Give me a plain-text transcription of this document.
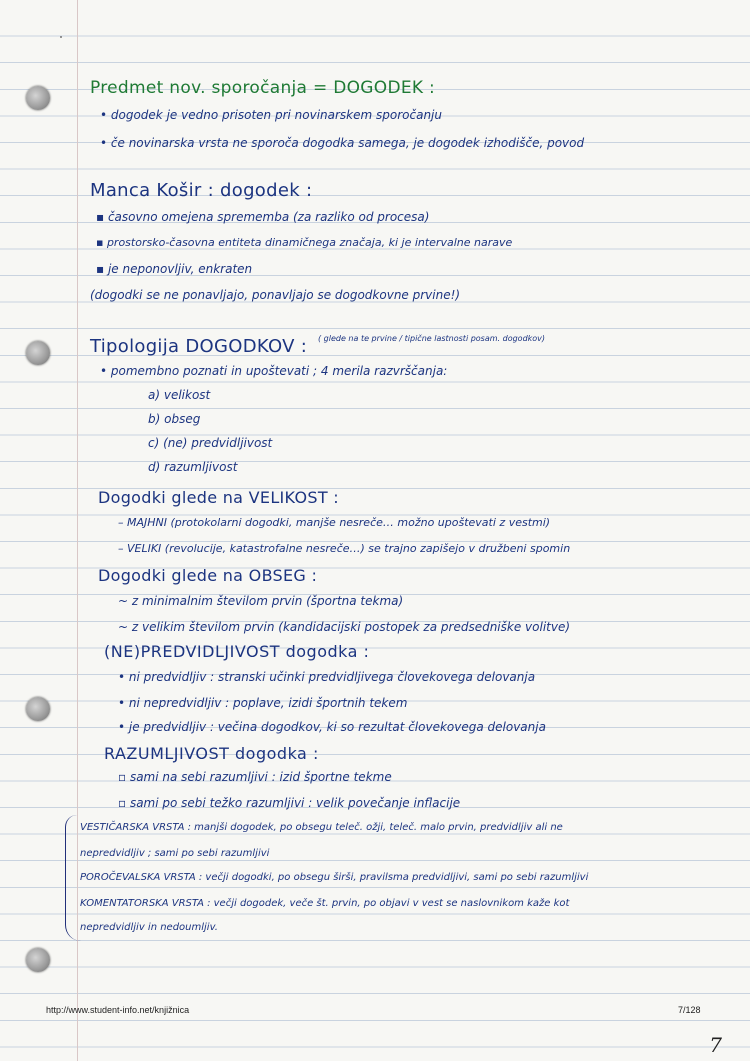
Predmet nov. sporočanja = DOGODEK :
• dogodek je vedno prisoten pri novinarskem sporočanju
• če novinarska vrsta ne sporoča dogodka samega, je dogodek izhodišče, povod
Manca Košir : dogodek :
▪ časovno omejena sprememba (za razliko od procesa)
▪ prostorsko-časovna entiteta dinamičnega značaja, ki je intervalne narave
▪ je neponovljiv, enkraten
(dogodki se ne ponavljajo, ponavljajo se dogodkovne prvine!)
Tipologija DOGODKOV : ( glede na te prvine / tipične lastnosti posam. dogodkov)
• pomembno poznati in upoštevati ; 4 merila razvrščanja:
a) velikost
b) obseg
c) (ne) predvidljivost
d) razumljivost
Dogodki glede na VELIKOST :
– MAJHNI (protokolarni dogodki, manjše nesreče… možno upoštevati z vestmi)
– VELIKI (revolucije, katastrofalne nesreče…) se trajno zapišejo v družbeni spomin
Dogodki glede na OBSEG :
~ z minimalnim številom prvin (športna tekma)
~ z velikim številom prvin (kandidacijski postopek za predsedniške volitve)
(NE)PREDVIDLJIVOST dogodka :
• ni predvidljiv : stranski učinki predvidljivega človekovega delovanja
• ni nepredvidljiv : poplave, izidi športnih tekem
• je predvidljiv : večina dogodkov, ki so rezultat človekovega delovanja
RAZUMLJIVOST dogodka :
▫ sami na sebi razumljivi : izid športne tekme
▫ sami po sebi težko razumljivi : velik povečanje inflacije
VESTIČARSKA VRSTA : manjši dogodek, po obsegu teleč. ožji, teleč. malo prvin, predvidljiv ali ne
nepredvidljiv ; sami po sebi razumljivi
POROČEVALSKA VRSTA : večji dogodki, po obsegu širši, pravilsma predvidljivi, sami po sebi razumljivi
KOMENTATORSKA VRSTA : večji dogodek, veče št. prvin, po objavi v vest se naslovnikom kaže kot
nepredvidljiv in nedoumljiv.
http://www.student-info.net/knjižnica	7/128
7
